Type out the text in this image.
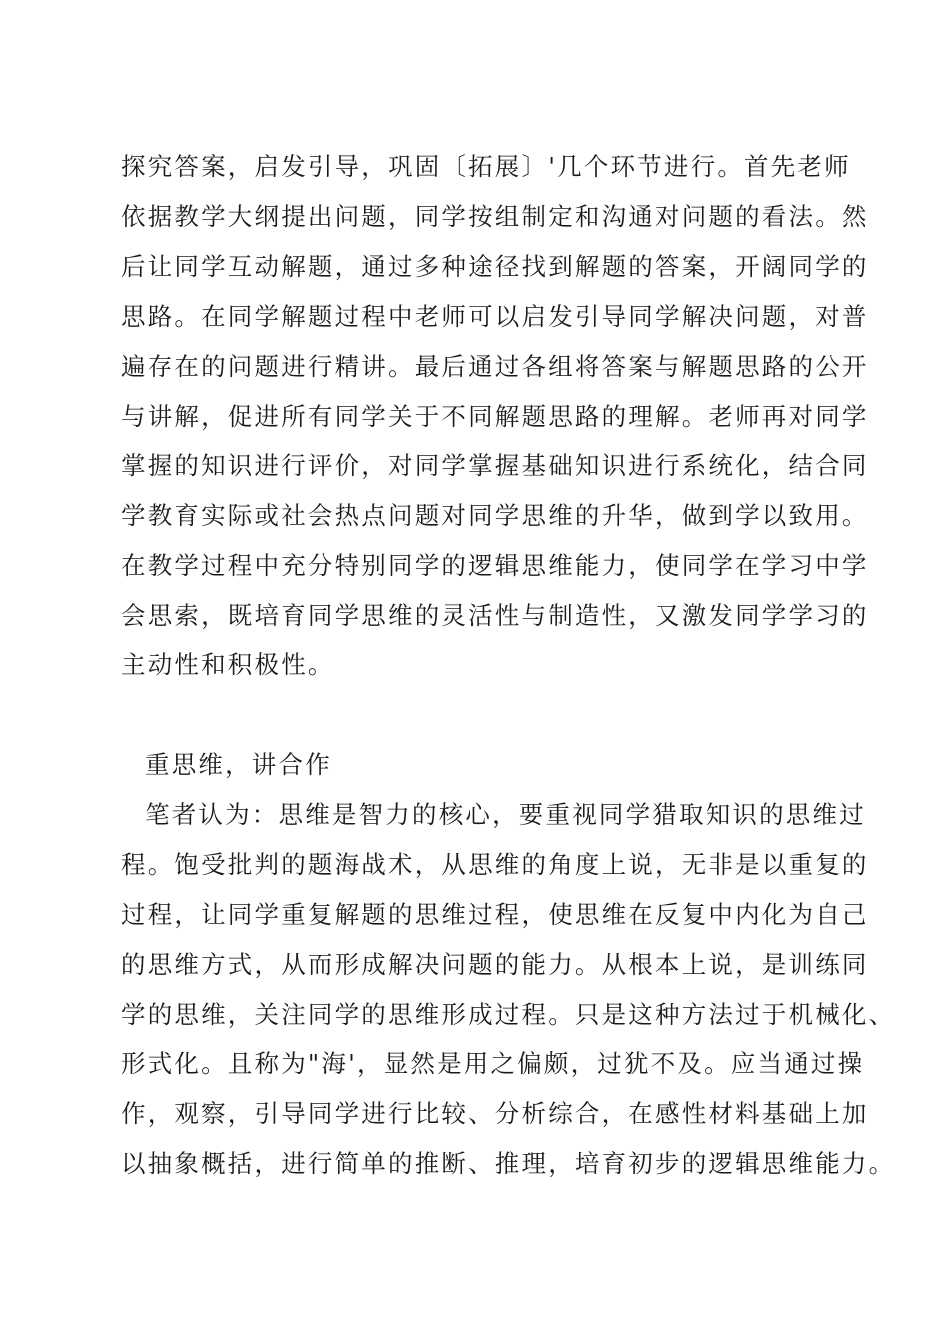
探究答案，启发引导，巩固〔拓展〕'几个环节进行。首先老师
依据教学大纲提出问题，同学按组制定和沟通对问题的看法。然
后让同学互动解题，通过多种途径找到解题的答案，开阔同学的
思路。在同学解题过程中老师可以启发引导同学解决问题，对普
遍存在的问题进行精讲。最后通过各组将答案与解题思路的公开
与讲解，促进所有同学关于不同解题思路的理解。老师再对同学
掌握的知识进行评价，对同学掌握基础知识进行系统化，结合同
学教育实际或社会热点问题对同学思维的升华，做到学以致用。
在教学过程中充分特别同学的逻辑思维能力，使同学在学习中学
会思索，既培育同学思维的灵活性与制造性，又激发同学学习的
主动性和积极性。
重思维，讲合作
笔者认为：思维是智力的核心，要重视同学猎取知识的思维过
程。饱受批判的题海战术，从思维的角度上说，无非是以重复的
过程，让同学重复解题的思维过程，使思维在反复中内化为自己
的思维方式，从而形成解决问题的能力。从根本上说，是训练同
学的思维，关注同学的思维形成过程。只是这种方法过于机械化、
形式化。且称为"海'，显然是用之偏颇，过犹不及。应当通过操
作，观察，引导同学进行比较、分析综合，在感性材料基础上加
以抽象概括，进行简单的推断、推理，培育初步的逻辑思维能力。
